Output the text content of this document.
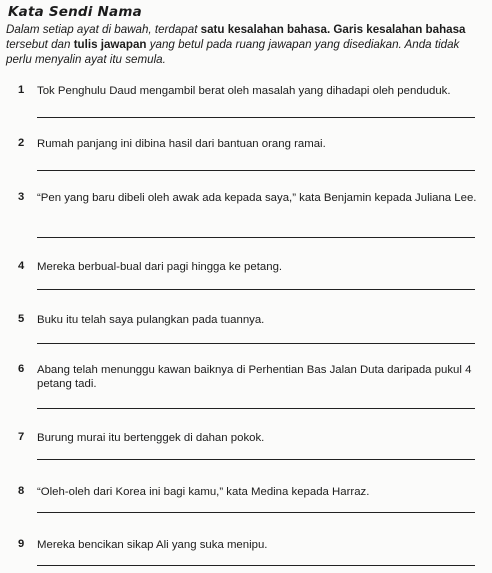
Kata Sendi Nama
Dalam setiap ayat di bawah, terdapat satu kesalahan bahasa. Garis kesalahan bahasa tersebut dan tulis jawapan yang betul pada ruang jawapan yang disediakan. Anda tidak perlu menyalin ayat itu semula.
1 Tok Penghulu Daud mengambil berat oleh masalah yang dihadapi oleh penduduk.
2 Rumah panjang ini dibina hasil dari bantuan orang ramai.
3 “Pen yang baru dibeli oleh awak ada kepada saya,” kata Benjamin kepada Juliana Lee.
4 Mereka berbual-bual dari pagi hingga ke petang.
5 Buku itu telah saya pulangkan pada tuannya.
6 Abang telah menunggu kawan baiknya di Perhentian Bas Jalan Duta daripada pukul 4 petang tadi.
7 Burung murai itu bertenggek di dahan pokok.
8 “Oleh-oleh dari Korea ini bagi kamu,” kata Medina kepada Harraz.
9 Mereka bencikan sikap Ali yang suka menipu.
